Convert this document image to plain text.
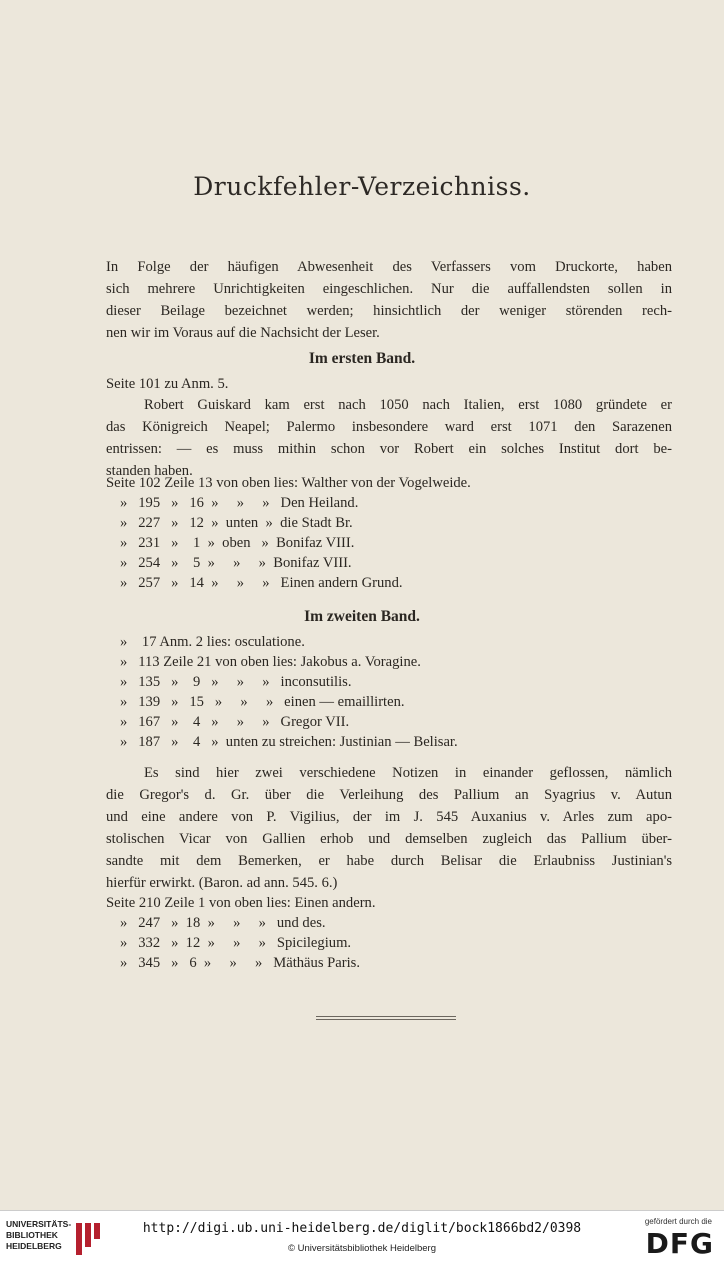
Druckfehler-Verzeichniss.
In Folge der häufigen Abwesenheit des Verfassers vom Druckorte, haben
sich mehrere Unrichtigkeiten eingeschlichen. Nur die auffallendsten sollen in
dieser Beilage bezeichnet werden; hinsichtlich der weniger störenden rech-
nen wir im Voraus auf die Nachsicht der Leser.
Im ersten Band.
Seite 101 zu Anm. 5.
Robert Guiskard kam erst nach 1050 nach Italien, erst 1080 gründete er
das Königreich Neapel; Palermo insbesondere ward erst 1071 den Sarazenen
entrissen: — es muss mithin schon vor Robert ein solches Institut dort be-
standen haben.
Seite 102 Zeile 13 von oben lies: Walther von der Vogelweide.
»   195   »   16  »     »     »   Den Heiland.
»   227   »   12  »  unten  »  die Stadt Br.
»   231   »    1  »  oben   »  Bonifaz VIII.
»   254   »    5  »     »     »  Bonifaz VIII.
»   257   »   14  »     »     »   Einen andern Grund.
Im zweiten Band.
»    17 Anm. 2 lies: osculatione.
»   113 Zeile 21 von oben lies: Jakobus a. Voragine.
»   135   »    9   »     »     »   inconsutilis.
»   139   »   15   »     »     »   einen — emaillirten.
»   167   »    4   »     »     »   Gregor VII.
»   187   »    4   »  unten zu streichen: Justinian — Belisar.
Es sind hier zwei verschiedene Notizen in einander geflossen, nämlich
die Gregor's d. Gr. über die Verleihung des Pallium an Syagrius v. Autun
und eine andere von P. Vigilius, der im J. 545 Auxanius v. Arles zum apo-
stolischen Vicar von Gallien erhob und demselben zugleich das Pallium über-
sandte mit dem Bemerken, er habe durch Belisar die Erlaubniss Justinian's
hierfür erwirkt. (Baron. ad ann. 545. 6.)
Seite 210 Zeile 1 von oben lies: Einen andern.
»   247   »  18  »     »     »   und des.
»   332   »  12  »     »     »   Spicilegium.
»   345   »   6  »     »     »   Mäthäus Paris.
UNIVERSITÄTS-
BIBLIOTHEK
HEIDELBERG
http://digi.ub.uni-heidelberg.de/diglit/bock1866bd2/0398
© Universitätsbibliothek Heidelberg
gefördert durch die
DFG
